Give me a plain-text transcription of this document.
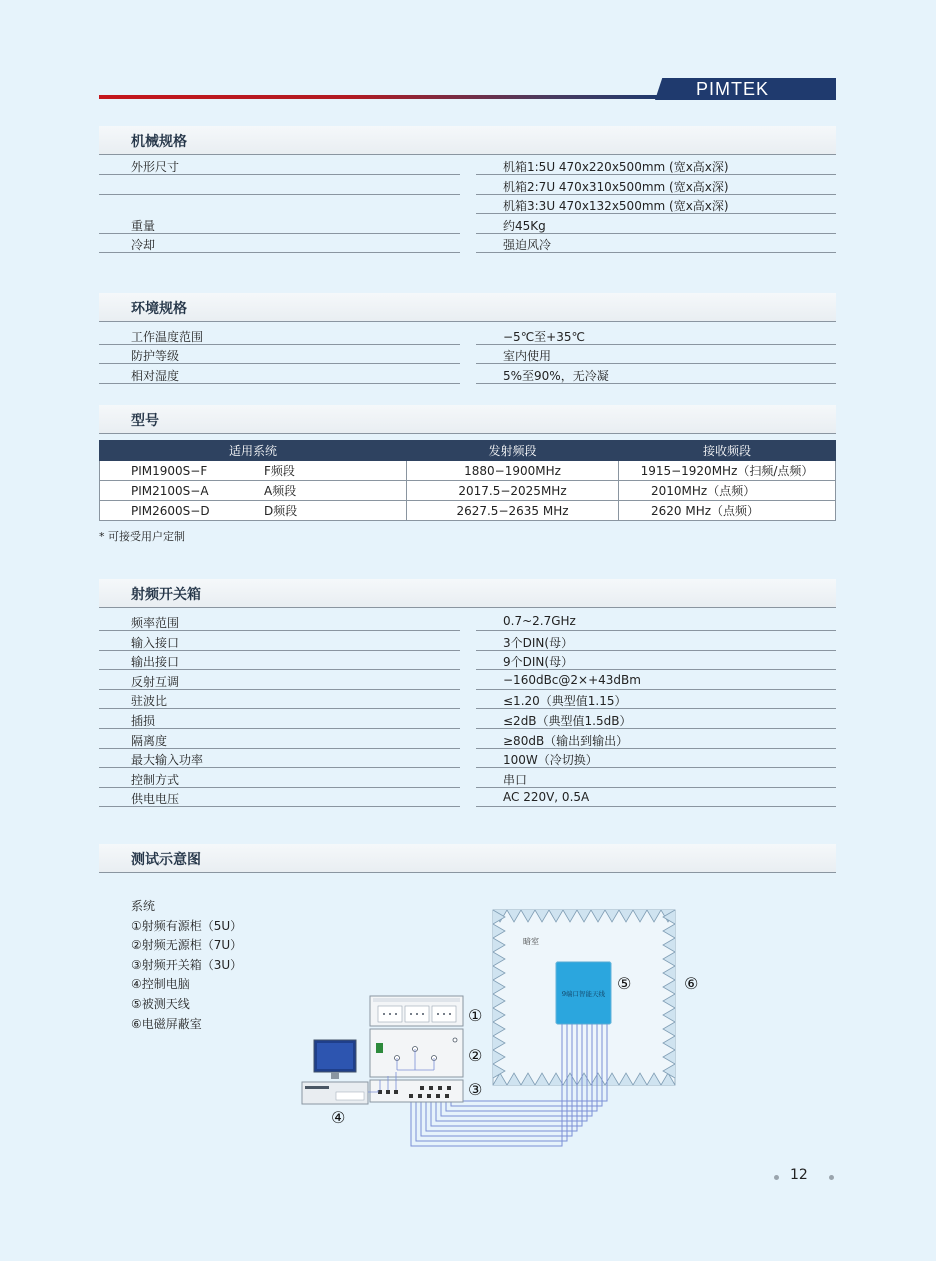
PIMTEK
机械规格
外形尺寸	机箱1:5U 470x220x500mm (宽x高x深)
机箱2:7U 470x310x500mm (宽x高x深)
机箱3:3U 470x132x500mm (宽x高x深)
重量	约45Kg
冷却	强迫风冷
环境规格
工作温度范围	−5℃至+35℃
防护等级	室内使用
相对湿度	5%至90%，无冷凝
型号
适用系统	发射频段	接收频段
PIM1900S−F F频段	1880−1900MHz	1915−1920MHz（扫频/点频）
PIM2100S−A A频段	2017.5−2025MHz	2010MHz（点频）
PIM2600S−D D频段	2627.5−2635 MHz	2620 MHz（点频）
* 可接受用户定制
射频开关箱
频率范围	0.7~2.7GHz
输入接口	3个DIN(母）
输出接口	9个DIN(母）
反射互调	−160dBc@2×+43dBm
驻波比	≤1.20（典型值1.15）
插损	≤2dB（典型值1.5dB）
隔离度	≥80dB（输出到输出）
最大输入功率	100W（冷切换）
控制方式	串口
供电电压	AC 220V, 0.5A
测试示意图
系统
①射频有源柜（5U）
②射频无源柜（7U）
③射频开关箱（3U）
④控制电脑
⑤被测天线
⑥电磁屏蔽室
暗室
9端口智能天线
①
②
③
④
⑤	⑥
12
